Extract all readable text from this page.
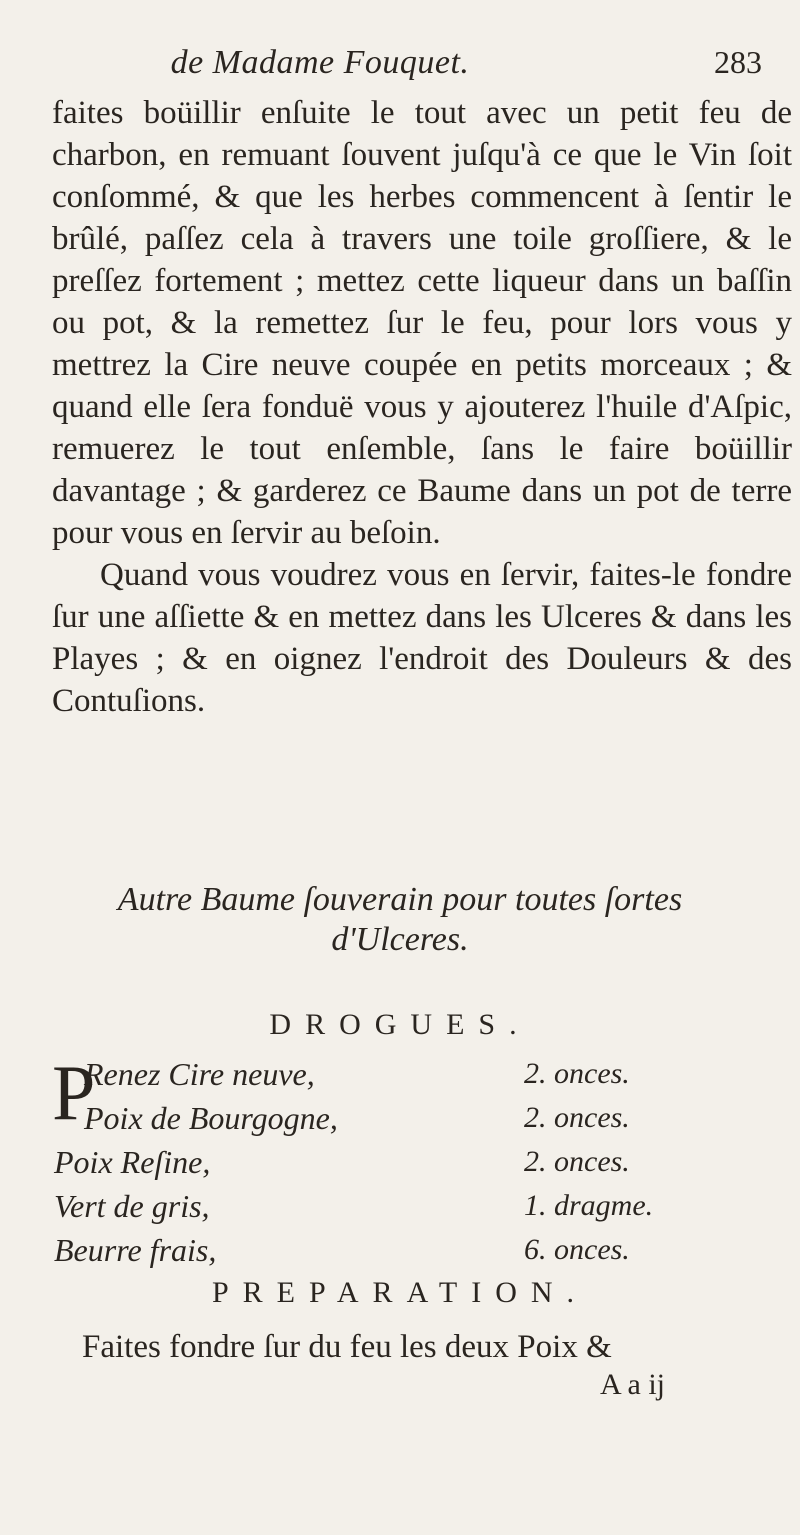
de Madame Fouquet.	283

faites boüillir enſuite le tout avec un petit feu de charbon, en remuant ſouvent juſqu'à ce que le Vin ſoit conſommé, & que les herbes commencent à ſentir le brûlé, paſſez cela à travers une toile groſſiere, & le preſſez fortement ; mettez cette liqueur dans un baſſin ou pot, & la remettez ſur le feu, pour lors vous y mettrez la Cire neuve coupée en petits morceaux ; & quand elle ſera fonduë vous y ajouterez l'huile d'Aſpic, remuerez le tout enſemble, ſans le faire boüillir davantage ; & garderez ce Baume dans un pot de terre pour vous en ſervir au beſoin.

Quand vous voudrez vous en ſervir, faites-le fondre ſur une aſſiette & en mettez dans les Ulceres & dans les Playes ; & en oignez l'endroit des Douleurs & des Contuſions.

Autre Baume ſouverain pour toutes ſortes d'Ulceres.
DROGUES.
P
Renez Cire neuve,	2. onces.
Poix de Bourgogne,	2. onces.
Poix Reſine,	2. onces.
Vert de gris,	1. dragme.
Beurre frais,	6. onces.
PREPARATION.
Faites fondre ſur du feu les deux Poix &
A a ij
